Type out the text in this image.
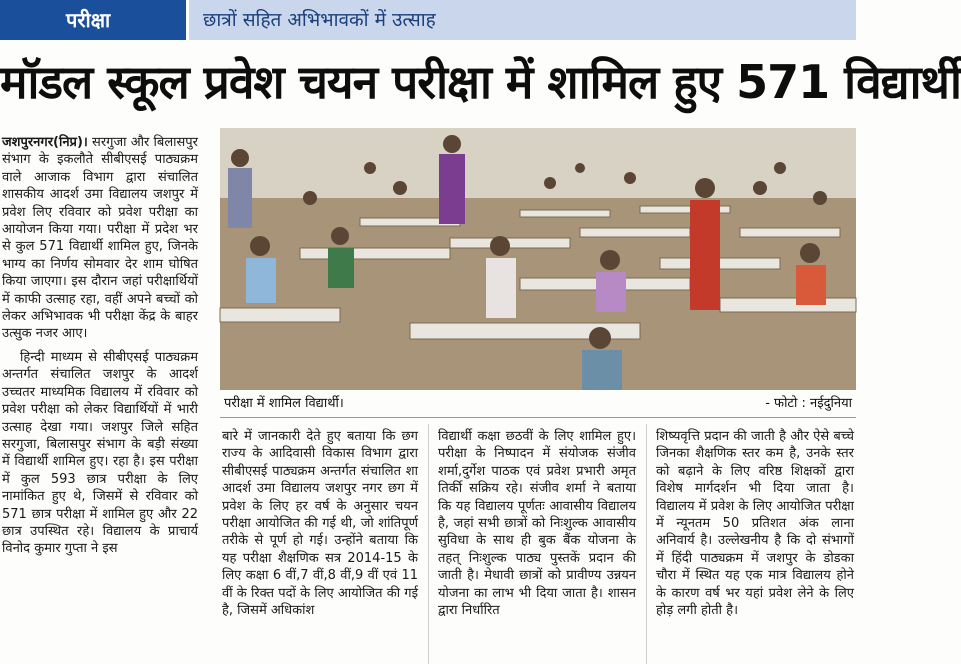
परीक्षा	छात्रों सहित अभिभावकों में उत्साह
मॉडल स्कूल प्रवेश चयन परीक्षा में शामिल हुए 571 विद्यार्थी

जशपुरनगर(निप्र)। सरगुजा और बिलासपुर संभाग के इकलौते सीबीएसई पाठ्यक्रम वाले आजाक विभाग द्वारा संचालित शासकीय आदर्श उमा विद्यालय जशपुर में प्रवेश लिए रविवार को प्रवेश परीक्षा का आयोजन किया गया। परीक्षा में प्रदेश भर से कुल 571 विद्यार्थी शामिल हुए, जिनके भाग्य का निर्णय सोमवार देर शाम घोषित किया जाएगा। इस दौरान जहां परीक्षार्थियों में काफी उत्साह रहा, वहीं अपने बच्चों को लेकर अभिभावक भी परीक्षा केंद्र के बाहर उत्सुक नजर आए।

हिन्दी माध्यम से सीबीएसई पाठ्यक्रम अन्तर्गत संचालित जशपुर के आदर्श उच्चतर माध्यमिक विद्यालय में रविवार को प्रवेश परीक्षा को लेकर विद्यार्थियों में भारी उत्साह देखा गया। जशपुर जिले सहित सरगुजा, बिलासपुर संभाग के बड़ी संख्या में विद्यार्थी शामिल हुए। रहा है। इस परीक्षा में कुल 593 छात्र परीक्षा के लिए नामांकित हुए थे, जिसमें से रविवार को 571 छात्र परीक्षा में शामिल हुए और 22 छात्र उपस्थित रहे। विद्यालय के प्राचार्य विनोद कुमार गुप्ता ने इस

परीक्षा में शामिल विद्यार्थी।	- फोटो : नईदुनिया

बारे में जानकारी देते हुए बताया कि छग राज्य के आदिवासी विकास विभाग द्वारा सीबीएसई पाठ्यक्रम अन्तर्गत संचालित शा आदर्श उमा विद्यालय जशपुर नगर छग में प्रवेश के लिए हर वर्ष के अनुसार चयन परीक्षा आयोजित की गई थी, जो शांतिपूर्ण तरीके से पूर्ण हो गई। उन्होंने बताया कि यह परीक्षा शैक्षणिक सत्र 2014-15 के लिए कक्षा 6 वीं,7 वीं,8 वीं,9 वीं एवं 11 वीं के रिक्त पदों के लिए आयोजित की गई है, जिसमें अधिकांश

विद्यार्थी कक्षा छठवीं के लिए शामिल हुए। परीक्षा के निष्पादन में संयोजक संजीव शर्मा,दुर्गेश पाठक एवं प्रवेश प्रभारी अमृत तिर्की सक्रिय रहे। संजीव शर्मा ने बताया कि यह विद्यालय पूर्णतः आवासीय विद्यालय है, जहां सभी छात्रों को निःशुल्क आवासीय सुविधा के साथ ही बुक बैंक योजना के तहत् निःशुल्क पाठ्य पुस्तकें प्रदान की जाती है। मेधावी छात्रों को प्रावीण्य उन्नयन योजना का लाभ भी दिया जाता है। शासन द्वारा निर्धारित

शिष्यवृत्ति प्रदान की जाती है और ऐसे बच्चे जिनका शैक्षणिक स्तर कम है, उनके स्तर को बढ़ाने के लिए वरिष्ठ शिक्षकों द्वारा विशेष मार्गदर्शन भी दिया जाता है। विद्यालय में प्रवेश के लिए आयोजित परीक्षा में न्यूनतम 50 प्रतिशत अंक लाना अनिवार्य है। उल्लेखनीय है कि दो संभागों में हिंदी पाठ्यक्रम में जशपुर के डोडका चौरा में स्थित यह एक मात्र विद्यालय होने के कारण वर्ष भर यहां प्रवेश लेने के लिए होड़ लगी होती है।
